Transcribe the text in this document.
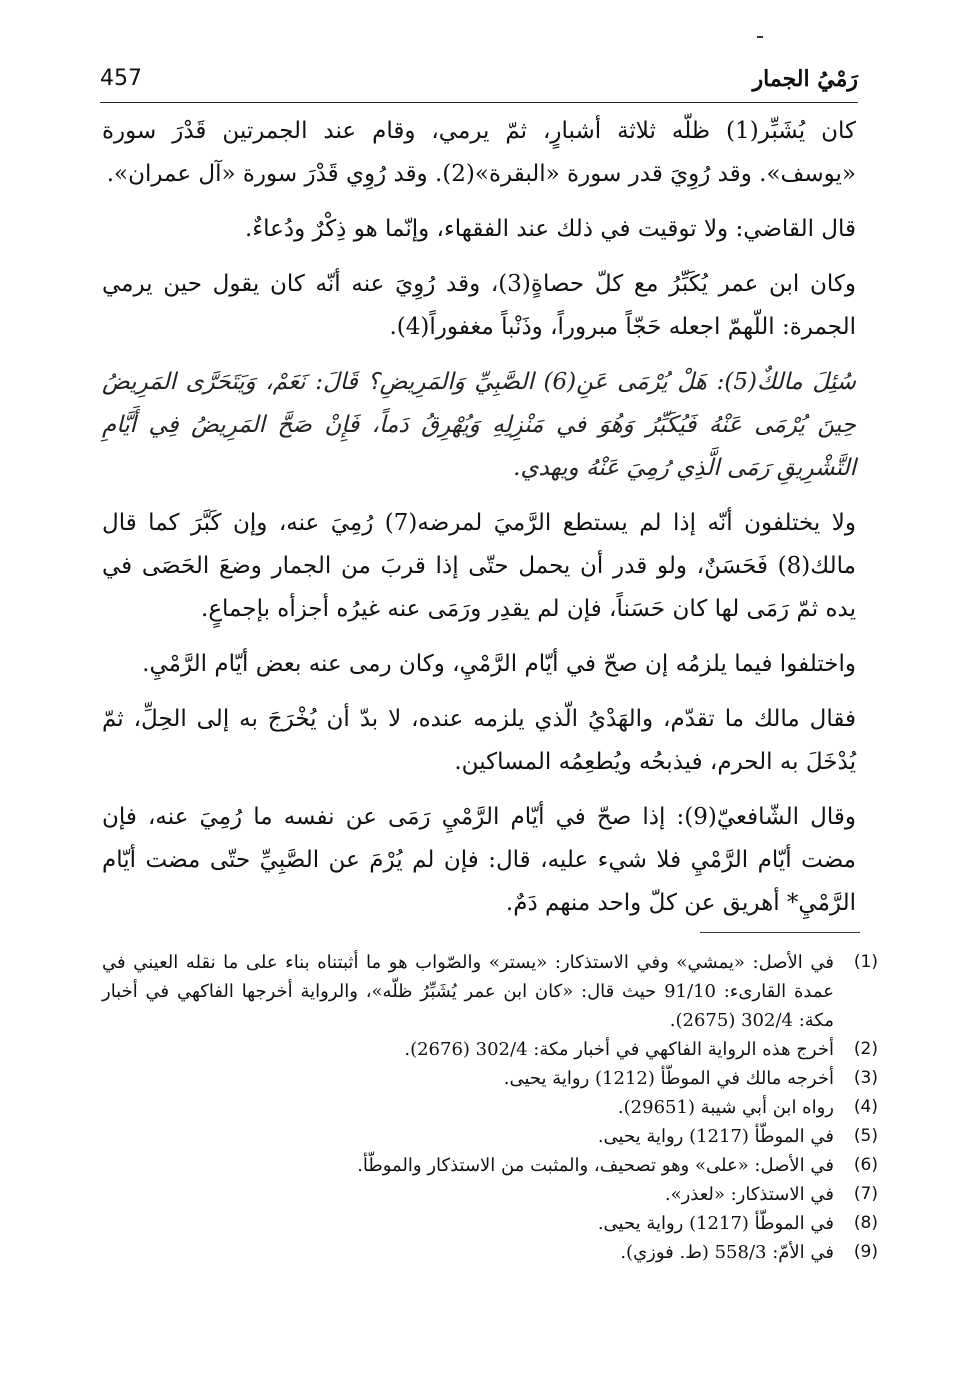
رَمْيُ الجمار
457

كان يُشَبِّر(1) ظلّه ثلاثة أشبارٍ، ثمّ يرمي، وقام عند الجمرتين قَدْرَ سورة «يوسف». وقد رُوِيَ قدر سورة «البقرة»(2). وقد رُوِي قَدْرَ سورة «آل عمران».

قال القاضي: ولا توقيت في ذلك عند الفقهاء، وإنّما هو ذِكْرٌ ودُعاءٌ.

وكان ابن عمر يُكَبِّرُ مع كلّ حصاةٍ(3)، وقد رُوِيَ عنه أنّه كان يقول حين يرمي الجمرة: اللّهمّ اجعله حَجّاً مبروراً، وذَنْباً مغفوراً(4).

سُئِلَ مالكٌ(5): هَلْ يُرْمَى عَنِ(6) الصَّبِيِّ وَالمَرِيضِ؟ قَالَ: نَعَمْ، وَيَتَحَرَّى المَرِيضُ حِينَ يُرْمَى عَنْهُ فَيُكَبِّرُ وَهُوَ في مَنْزِلِهِ وَيُهْرِقُ دَماً، فَإِنْ صَحَّ المَرِيضُ فِي أَيَّامِ التَّشْرِيقِ رَمَى الَّذِي رُمِيَ عَنْهُ ويهدي.

ولا يختلفون أنّه إذا لم يستطع الرَّميَ لمرضه(7) رُمِيَ عنه، وإن كَبَّرَ كما قال مالك(8) فَحَسَنٌ، ولو قدر أن يحمل حتّى إذا قربَ من الجمار وضعَ الحَصَى في يده ثمّ رَمَى لها كان حَسَناً، فإن لم يقدِر ورَمَى عنه غيرُه أجزأه بإجماعٍ.

واختلفوا فيما يلزمُه إن صحّ في أيّام الرَّمْيِ، وكان رمى عنه بعض أيّام الرَّمْيِ.

فقال مالك ما تقدّم، والهَدْيُ الّذي يلزمه عنده، لا بدّ أن يُخْرَجَ به إلى الحِلِّ، ثمّ يُدْخَلَ به الحرم، فيذبحُه ويُطعِمُه المساكين.

وقال الشّافعيّ(9): إذا صحّ في أيّام الرَّمْيِ رَمَى عن نفسه ما رُمِيَ عنه، فإن مضت أيّام الرَّمْيِ فلا شيء عليه، قال: فإن لم يُرْمَ عن الصَّبِيِّ حتّى مضت أيّام الرَّمْيِ* أهريق عن كلّ واحد منهم دَمٌ.

(1)
في الأصل: «يمشي» وفي الاستذكار: «يستر» والصّواب هو ما أثبتناه بناء على ما نقله العيني في عمدة القارىء: 91/10 حيث قال: «كان ابن عمر يُشَبِّرُ ظلّه»، والرواية أخرجها الفاكهي في أخبار مكة: 302/4 (2675).
(2)
أخرج هذه الرواية الفاكهي في أخبار مكة: 302/4 (2676).
(3)
أخرجه مالك في الموطّأ (1212) رواية يحيى.
(4)
رواه ابن أبي شيبة (29651).
(5)
في الموطّأ (1217) رواية يحيى.
(6)
في الأصل: «على» وهو تصحيف، والمثبت من الاستذكار والموطّأ.
(7)
في الاستذكار: «لعذر».
(8)
في الموطّأ (1217) رواية يحيى.
(9)
في الأمّ: 558/3 (ط. فوزي).
